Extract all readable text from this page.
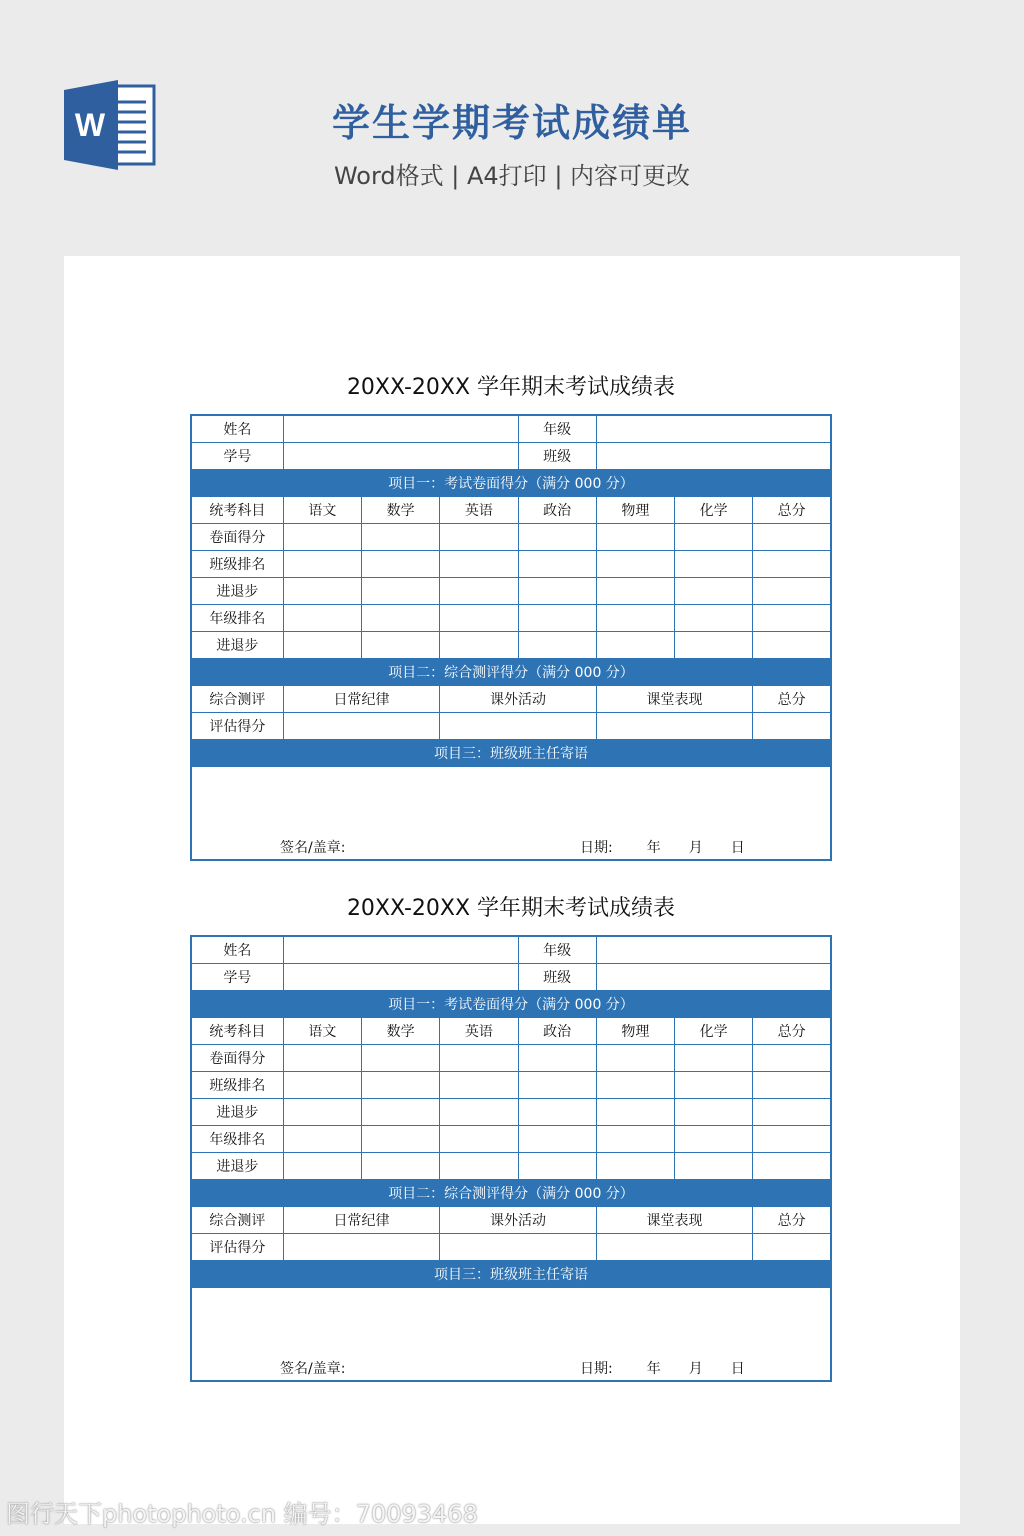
W	学生学期考试成绩单
Word格式 | A4打印 | 内容可更改
20XX-20XX 学年期末考试成绩表
姓名				年级			
学号				班级			
项目一：考试卷面得分（满分 000 分）							
统考科目	语文	数学	英语	政治	物理	化学	总分
卷面得分							
班级排名							
进退步							
年级排名							
进退步							
项目二：综合测评得分（满分 000 分）							
综合测评	日常纪律		课外活动		课堂表现		总分
评估得分							
项目三：班级班主任寄语							

签名/盖章: 日期: 年 月 日							
20XX-20XX 学年期末考试成绩表
姓名				年级			
学号				班级			
项目一：考试卷面得分（满分 000 分）							
统考科目	语文	数学	英语	政治	物理	化学	总分
卷面得分							
班级排名							
进退步							
年级排名							
进退步							
项目二：综合测评得分（满分 000 分）							
综合测评	日常纪律		课外活动		课堂表现		总分
评估得分							
项目三：班级班主任寄语							

签名/盖章: 日期: 年 月 日							
图行天下photophoto.cn 编号：70093468
